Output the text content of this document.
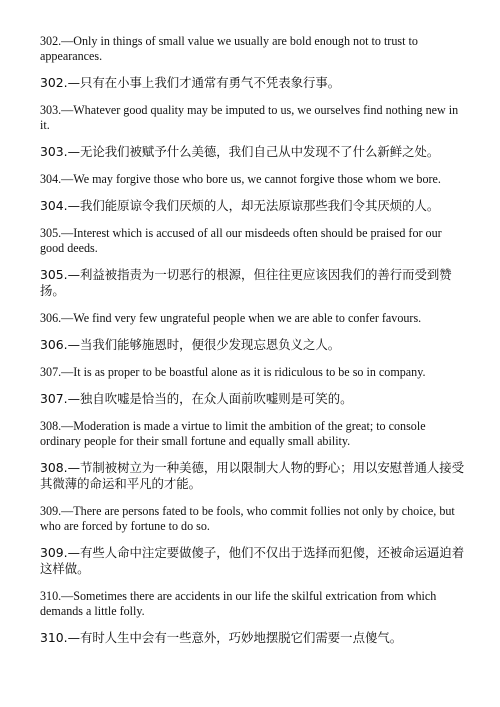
302.—Only in things of small value we usually are bold enough not to trust to appearances.

302.—只有在小事上我们才通常有勇气不凭表象行事。

303.—Whatever good quality may be imputed to us, we ourselves find nothing new in it.

303.—无论我们被赋予什么美德，我们自己从中发现不了什么新鲜之处。

304.—We may forgive those who bore us, we cannot forgive those whom we bore.

304.—我们能原谅令我们厌烦的人，却无法原谅那些我们令其厌烦的人。

305.—Interest which is accused of all our misdeeds often should be praised for our good deeds.

305.—利益被指责为一切恶行的根源，但往往更应该因我们的善行而受到赞扬。

306.—We find very few ungrateful people when we are able to confer favours.

306.—当我们能够施恩时，便很少发现忘恩负义之人。

307.—It is as proper to be boastful alone as it is ridiculous to be so in company.

307.—独自吹嘘是恰当的，在众人面前吹嘘则是可笑的。

308.—Moderation is made a virtue to limit the ambition of the great; to console ordinary people for their small fortune and equally small ability.

308.—节制被树立为一种美德，用以限制大人物的野心；用以安慰普通人接受其微薄的命运和平凡的才能。

309.—There are persons fated to be fools, who commit follies not only by choice, but who are forced by fortune to do so.

309.—有些人命中注定要做傻子，他们不仅出于选择而犯傻，还被命运逼迫着这样做。

310.—Sometimes there are accidents in our life the skilful extrication from which demands a little folly.

310.—有时人生中会有一些意外，巧妙地摆脱它们需要一点傻气。
